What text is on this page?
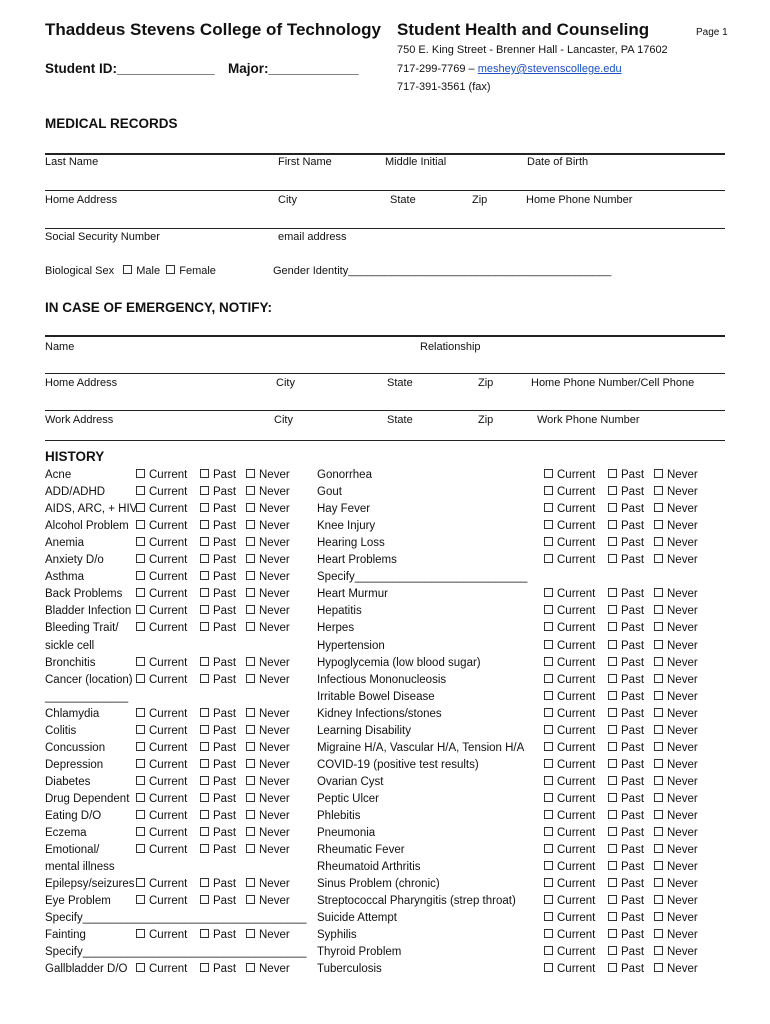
Thaddeus Stevens College of Technology
Student ID:_____________ Major:____________
Student Health and Counseling	Page 1
750 E. King Street - Brenner Hall - Lancaster, PA 17602
717-299-7769 – meshey@stevenscollege.edu
717-391-3561 (fax)
MEDICAL RECORDS
Last Name	First Name	Middle Initial	Date of Birth
Home Address	City	State	Zip	Home Phone Number
Social Security Number	email address
Biological Sex Male Female	Gender Identity___________________________________________
IN CASE OF EMERGENCY, NOTIFY:
Name	Relationship
Home Address	City	State	Zip	Home Phone Number/Cell Phone
Work Address	City	State	Zip	Work Phone Number
HISTORY
Acne	Current	Past	Never
ADD/ADHD	Current	Past	Never
AIDS, ARC, + HIV	Current	Past	Never
Alcohol Problem	Current	Past	Never
Anemia	Current	Past	Never
Anxiety D/o	Current	Past	Never
Asthma	Current	Past	Never
Back Problems	Current	Past	Never
Bladder Infection	Current	Past	Never
Bleeding Trait/	Current	Past	Never
sickle cell
Bronchitis	Current	Past	Never
Cancer (location)	Current	Past	Never
_____________
Chlamydia	Current	Past	Never
Colitis	Current	Past	Never
Concussion	Current	Past	Never
Depression	Current	Past	Never
Diabetes	Current	Past	Never
Drug Dependent	Current	Past	Never
Eating D/O	Current	Past	Never
Eczema	Current	Past	Never
Emotional/	Current	Past	Never
mental illness
Epilepsy/seizures	Current	Past	Never
Eye Problem	Current	Past	Never
Specify___________________________________
Fainting	Current	Past	Never
Specify___________________________________
Gallbladder D/O	Current	Past	Never
Gonorrhea	Current	Past	Never
Gout	Current	Past	Never
Hay Fever	Current	Past	Never
Knee Injury	Current	Past	Never
Hearing Loss	Current	Past	Never
Heart Problems	Current	Past	Never
Specify___________________________
Heart Murmur	Current	Past	Never
Hepatitis	Current	Past	Never
Herpes	Current	Past	Never
Hypertension	Current	Past	Never
Hypoglycemia (low blood sugar)	Current	Past	Never
Infectious Mononucleosis	Current	Past	Never
Irritable Bowel Disease	Current	Past	Never
Kidney Infections/stones	Current	Past	Never
Learning Disability	Current	Past	Never
Migraine H/A, Vascular H/A, Tension H/A	Current	Past	Never
COVID-19 (positive test results)	Current	Past	Never
Ovarian Cyst	Current	Past	Never
Peptic Ulcer	Current	Past	Never
Phlebitis	Current	Past	Never
Pneumonia	Current	Past	Never
Rheumatic Fever	Current	Past	Never
Rheumatoid Arthritis	Current	Past	Never
Sinus Problem (chronic)	Current	Past	Never
Streptococcal Pharyngitis (strep throat)	Current	Past	Never
Suicide Attempt	Current	Past	Never
Syphilis	Current	Past	Never
Thyroid Problem	Current	Past	Never
Tuberculosis	Current	Past	Never
